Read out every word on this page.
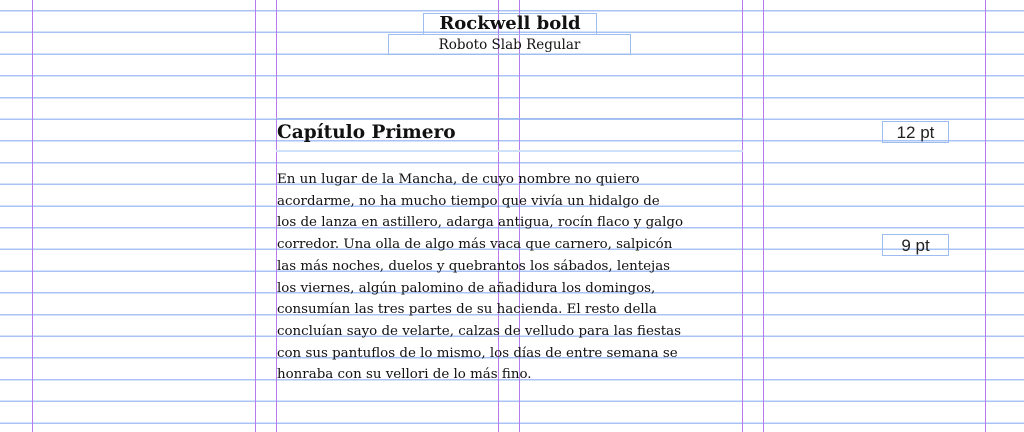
Rockwell bold
Roboto Slab Regular
Capítulo Primero
En un lugar de la Mancha, de cuyo nombre no quiero
acordarme, no ha mucho tiempo que vivía un hidalgo de
los de lanza en astillero, adarga antigua, rocín flaco y galgo
corredor. Una olla de algo más vaca que carnero, salpicón
las más noches, duelos y quebrantos los sábados, lentejas
los viernes, algún palomino de añadidura los domingos,
consumían las tres partes de su hacienda. El resto della
concluían sayo de velarte, calzas de velludo para las fiestas
con sus pantuflos de lo mismo, los días de entre semana se
honraba con su vellori de lo más fino.
12 pt
9 pt
